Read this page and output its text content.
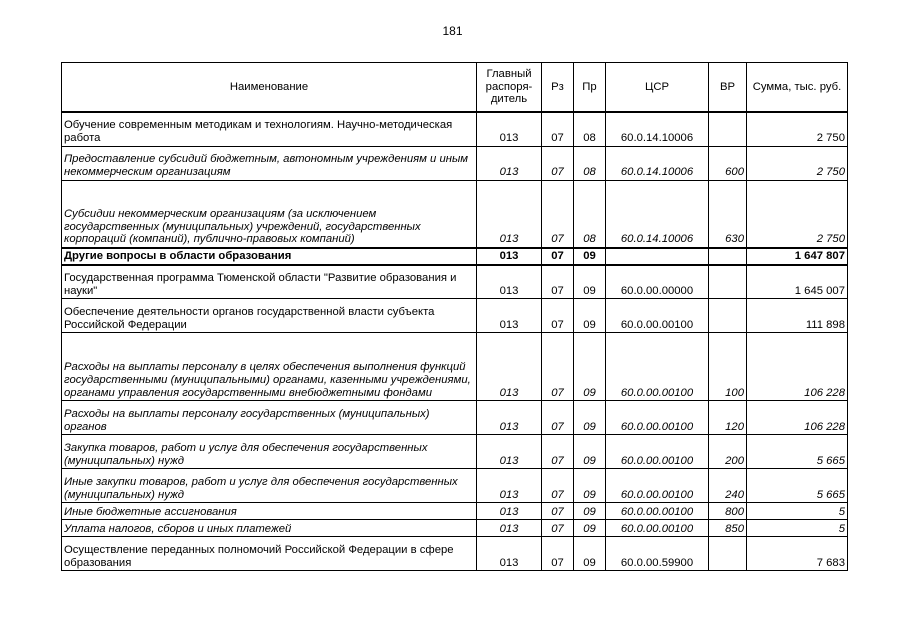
181
Наименование	Главный распоря- дитель	Рз	Пр	ЦСР	ВР	Сумма, тыс. руб.
Обучение современным методикам и технологиям. Научно-методическая работа	013	07	08	60.0.14.10006		2 750
Предоставление субсидий бюджетным, автономным учреждениям и иным некоммерческим организациям	013	07	08	60.0.14.10006	600	2 750
Субсидии некоммерческим организациям (за исключением государственных (муниципальных) учреждений, государственных корпораций (компаний), публично-правовых компаний)	013	07	08	60.0.14.10006	630	2 750
Другие вопросы в области образования	013	07	09			1 647 807
Государственная программа Тюменской области "Развитие образования и науки"	013	07	09	60.0.00.00000		1 645 007
Обеспечение деятельности органов государственной власти субъекта Российской Федерации	013	07	09	60.0.00.00100		111 898
Расходы на выплаты персоналу в целях обеспечения выполнения функций государственными (муниципальными) органами, казенными учреждениями, органами управления государственными внебюджетными фондами	013	07	09	60.0.00.00100	100	106 228
Расходы на выплаты персоналу государственных (муниципальных) органов	013	07	09	60.0.00.00100	120	106 228
Закупка товаров, работ и услуг для обеспечения государственных (муниципальных) нужд	013	07	09	60.0.00.00100	200	5 665
Иные закупки товаров, работ и услуг для обеспечения государственных (муниципальных) нужд	013	07	09	60.0.00.00100	240	5 665
Иные бюджетные ассигнования	013	07	09	60.0.00.00100	800	5
Уплата налогов, сборов и иных платежей	013	07	09	60.0.00.00100	850	5
Осуществление переданных полномочий Российской Федерации в сфере образования	013	07	09	60.0.00.59900		7 683
